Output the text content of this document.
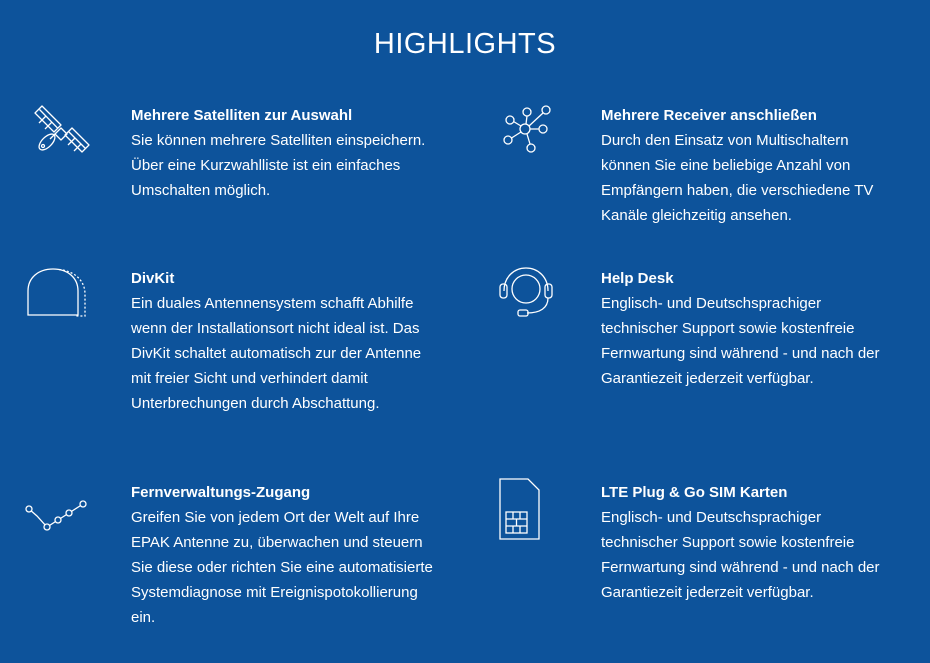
HIGHLIGHTS
Mehrere Satelliten zur Auswahl

Sie können mehrere Satelliten einspeichern. Über eine Kurzwahlliste ist ein einfaches Umschalten möglich.

Mehrere Receiver anschließen

Durch den Einsatz von Multischaltern können Sie eine beliebige Anzahl von Empfängern haben, die verschiedene TV Kanäle gleichzeitig ansehen.

DivKit

Ein duales Antennensystem schafft Abhilfe wenn der Installationsort nicht ideal ist. Das DivKit schaltet automatisch zur der Antenne mit freier Sicht und verhindert damit Unterbrechungen durch Abschattung.

Help Desk

Englisch- und Deutschsprachiger technischer Support sowie kostenfreie Fernwartung sind während - und nach der Garantiezeit jederzeit verfügbar.

Fernverwaltungs-Zugang

Greifen Sie von jedem Ort der Welt auf Ihre EPAK Antenne zu, überwachen und steuern Sie diese oder richten Sie eine automatisierte Systemdiagnose mit Ereignispotokollierung ein.

LTE Plug & Go SIM Karten

Englisch- und Deutschsprachiger technischer Support sowie kostenfreie Fernwartung sind während - und nach der Garantiezeit jederzeit verfügbar.
